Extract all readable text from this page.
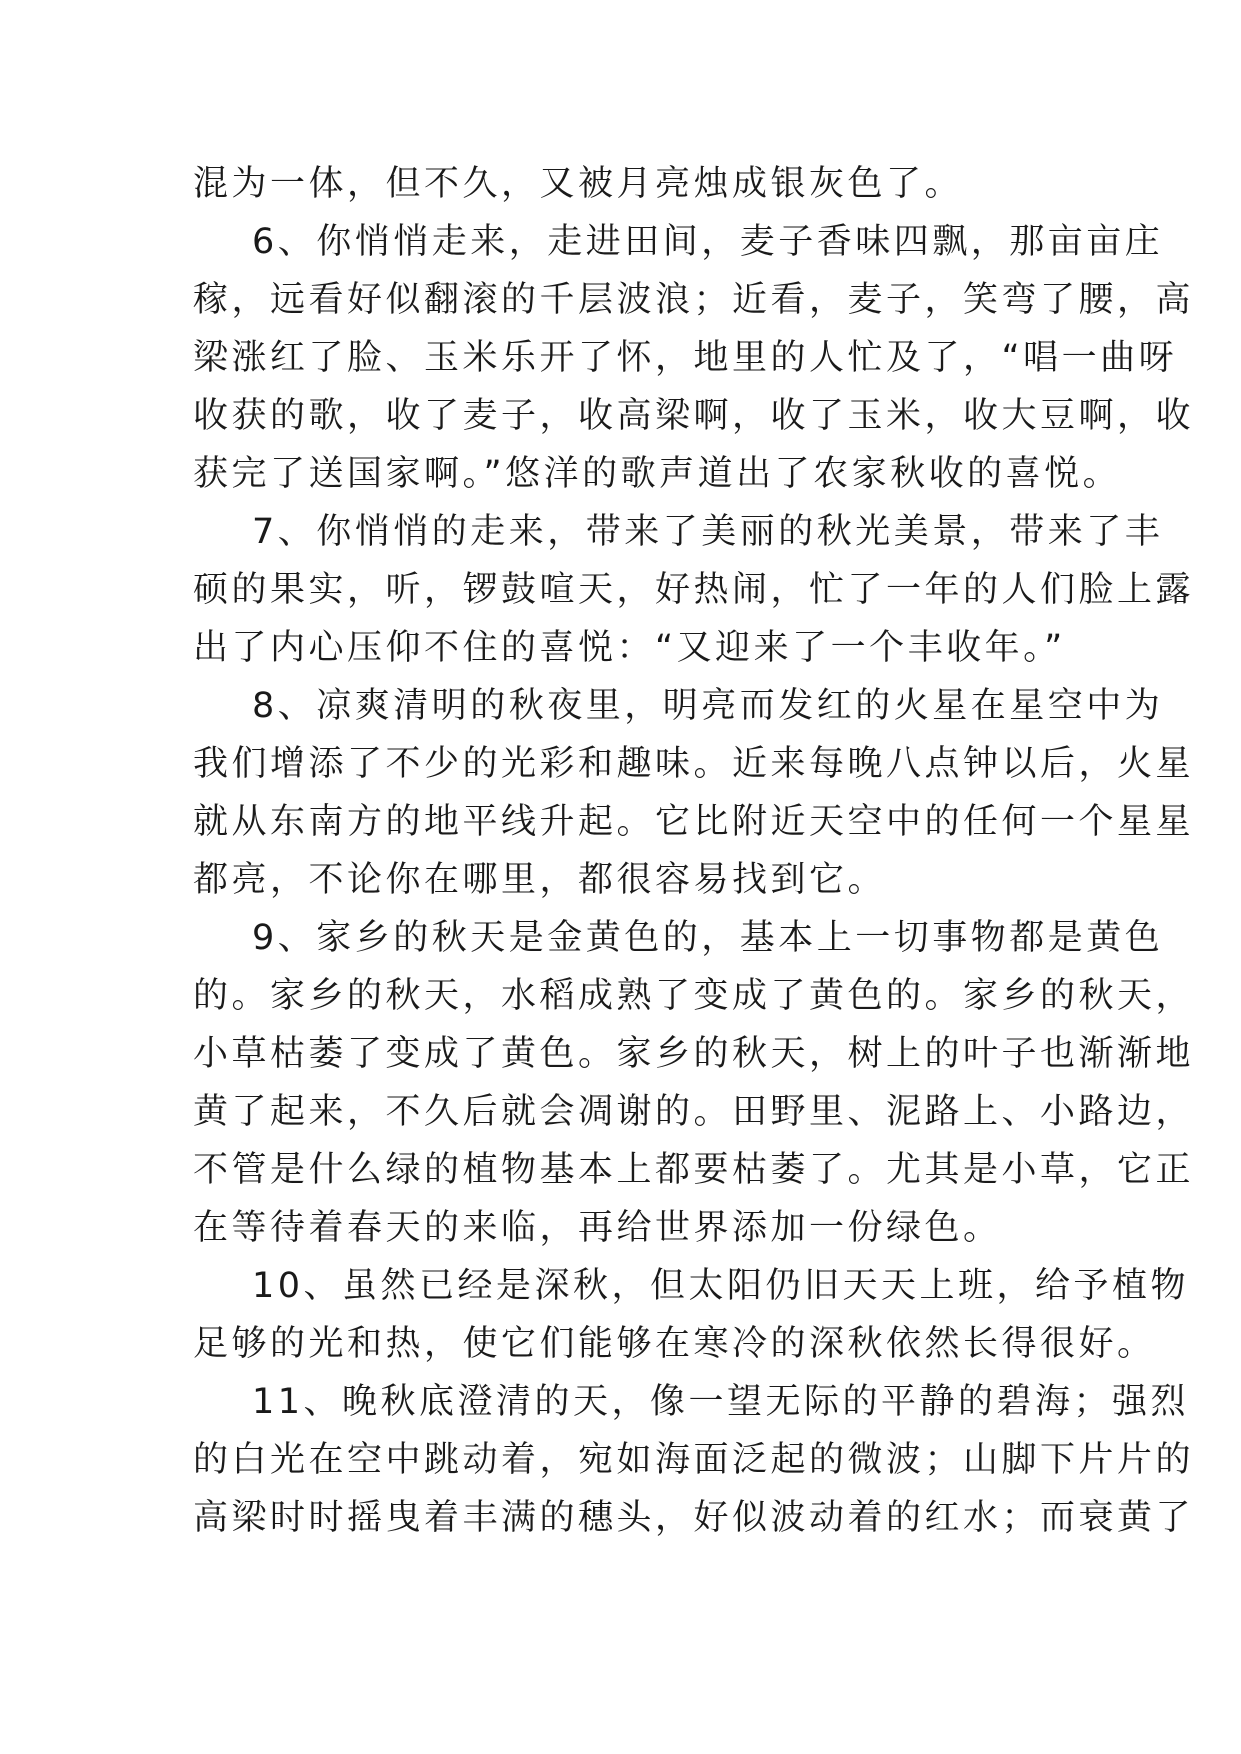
混为一体，但不久，又被月亮烛成银灰色了。
6、你悄悄走来，走进田间，麦子香味四飘，那亩亩庄
稼，远看好似翻滚的千层波浪；近看，麦子，笑弯了腰，高
梁涨红了脸、玉米乐开了怀，地里的人忙及了，“唱一曲呀
收获的歌，收了麦子，收高梁啊，收了玉米，收大豆啊，收
获完了送国家啊。”悠洋的歌声道出了农家秋收的喜悦。
7、你悄悄的走来，带来了美丽的秋光美景，带来了丰
硕的果实，听，锣鼓喧天，好热闹，忙了一年的人们脸上露
出了内心压仰不住的喜悦：“又迎来了一个丰收年。”
8、凉爽清明的秋夜里，明亮而发红的火星在星空中为
我们增添了不少的光彩和趣味。近来每晚八点钟以后，火星
就从东南方的地平线升起。它比附近天空中的任何一个星星
都亮，不论你在哪里，都很容易找到它。
9、家乡的秋天是金黄色的，基本上一切事物都是黄色
的。家乡的秋天，水稻成熟了变成了黄色的。家乡的秋天，
小草枯萎了变成了黄色。家乡的秋天，树上的叶子也渐渐地
黄了起来，不久后就会凋谢的。田野里、泥路上、小路边，
不管是什么绿的植物基本上都要枯萎了。尤其是小草，它正
在等待着春天的来临，再给世界添加一份绿色。
10、虽然已经是深秋，但太阳仍旧天天上班，给予植物
足够的光和热，使它们能够在寒冷的深秋依然长得很好。
11、晚秋底澄清的天，像一望无际的平静的碧海；强烈
的白光在空中跳动着，宛如海面泛起的微波；山脚下片片的
高梁时时摇曳着丰满的穗头，好似波动着的红水；而衰黄了
